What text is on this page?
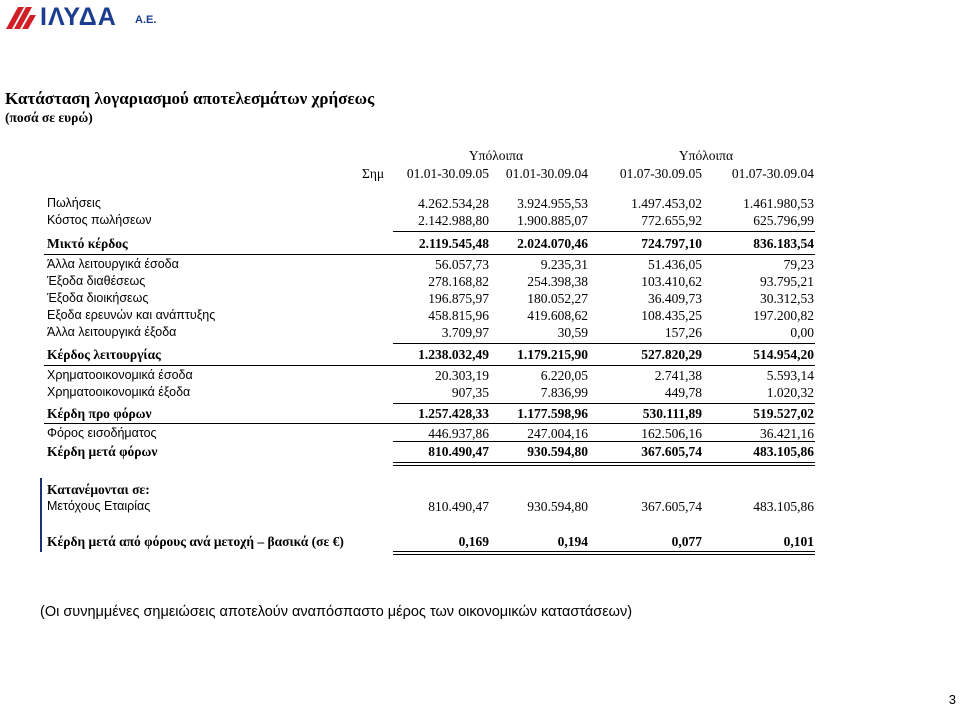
ΙΛΥΔΑ Α.Ε.
Κατάσταση λογαριασμού αποτελεσμάτων χρήσεως
(ποσά σε ευρώ)
Υπόλοιπα	Υπόλοιπα
Σημ 01.01-30.09.05 01.01-30.09.04 01.07-30.09.05 01.07-30.09.04
Πωλήσεις	4.262.534,28 3.924.955,53	1.497.453,02	1.461.980,53
Κόστος πωλήσεων	2.142.988,80 1.900.885,07	772.655,92	625.796,99
Μικτό κέρδος	2.119.545,48 2.024.070,46	724.797,10	836.183,54
Άλλα λειτουργικά έσοδα	56.057,73	9.235,31	51.436,05	79,23
Έξοδα διαθέσεως	278.168,82	254.398,38	103.410,62	93.795,21
Έξοδα διοικήσεως	196.875,97	180.052,27	36.409,73	30.312,53
Εξοδα ερευνών και ανάπτυξης	458.815,96	419.608,62	108.435,25	197.200,82
Άλλα λειτουργικά έξοδα	3.709,97	30,59	157,26	0,00
Κέρδος λειτουργίας	1.238.032,49 1.179.215,90	527.820,29	514.954,20
Χρηματοοικονομικά έσοδα	20.303,19	6.220,05	2.741,38	5.593,14
Χρηματοοικονομικά έξοδα	907,35	7.836,99	449,78	1.020,32
Κέρδη προ φόρων	1.257.428,33 1.177.598,96	530.111,89	519.527,02
Φόρος εισοδήματος	446.937,86	247.004,16	162.506,16	36.421,16
Κέρδη μετά φόρων	810.490,47	930.594,80	367.605,74	483.105,86
Κατανέμονται σε:
Μετόχους Εταιρίας	810.490,47	930.594,80	367.605,74	483.105,86
Κέρδη μετά από φόρους ανά μετοχή – βασικά (σε €)	0,169	0,194	0,077	0,101
(Οι συνημμένες σημειώσεις αποτελούν αναπόσπαστο μέρος των οικονομικών καταστάσεων)
3
